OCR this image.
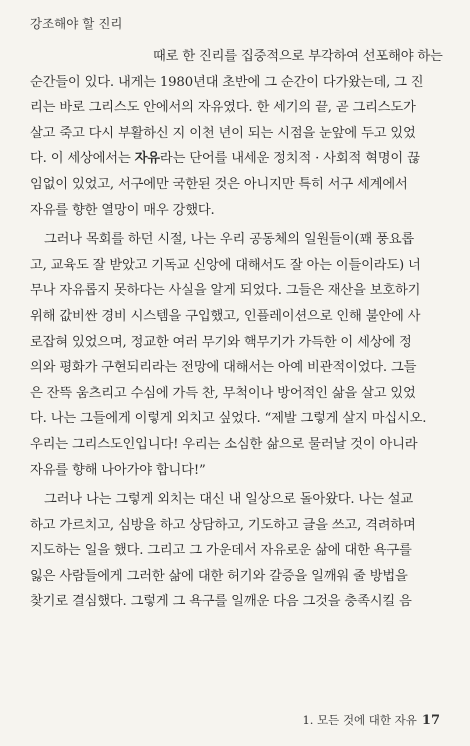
강조해야 할 진리
때로 한 진리를 집중적으로 부각하여 선포해야 하는
순간들이 있다. 내게는 1980년대 초반에 그 순간이 다가왔는데, 그 진
리는 바로 그리스도 안에서의 자유였다. 한 세기의 끝, 곧 그리스도가
살고 죽고 다시 부활하신 지 이천 년이 되는 시점을 눈앞에 두고 있었
다. 이 세상에서는 자유라는 단어를 내세운 정치적 · 사회적 혁명이 끊
임없이 있었고, 서구에만 국한된 것은 아니지만 특히 서구 세계에서
자유를 향한 열망이 매우 강했다.
그러나 목회를 하던 시절, 나는 우리 공동체의 일원들이(꽤 풍요롭
고, 교육도 잘 받았고 기독교 신앙에 대해서도 잘 아는 이들이라도) 너
무나 자유롭지 못하다는 사실을 알게 되었다. 그들은 재산을 보호하기
위해 값비싼 경비 시스템을 구입했고, 인플레이션으로 인해 불안에 사
로잡혀 있었으며, 정교한 여러 무기와 핵무기가 가득한 이 세상에 정
의와 평화가 구현되리라는 전망에 대해서는 아예 비관적이었다. 그들
은 잔뜩 움츠리고 수심에 가득 찬, 무척이나 방어적인 삶을 살고 있었
다. 나는 그들에게 이렇게 외치고 싶었다. “제발 그렇게 살지 마십시오.
우리는 그리스도인입니다! 우리는 소심한 삶으로 물러날 것이 아니라
자유를 향해 나아가야 합니다!”
그러나 나는 그렇게 외치는 대신 내 일상으로 돌아왔다. 나는 설교
하고 가르치고, 심방을 하고 상담하고, 기도하고 글을 쓰고, 격려하며
지도하는 일을 했다. 그리고 그 가운데서 자유로운 삶에 대한 욕구를
잃은 사람들에게 그러한 삶에 대한 허기와 갈증을 일깨워 줄 방법을
찾기로 결심했다. 그렇게 그 욕구를 일깨운 다음 그것을 충족시킬 음
1. 모든 것에 대한 자유 17
